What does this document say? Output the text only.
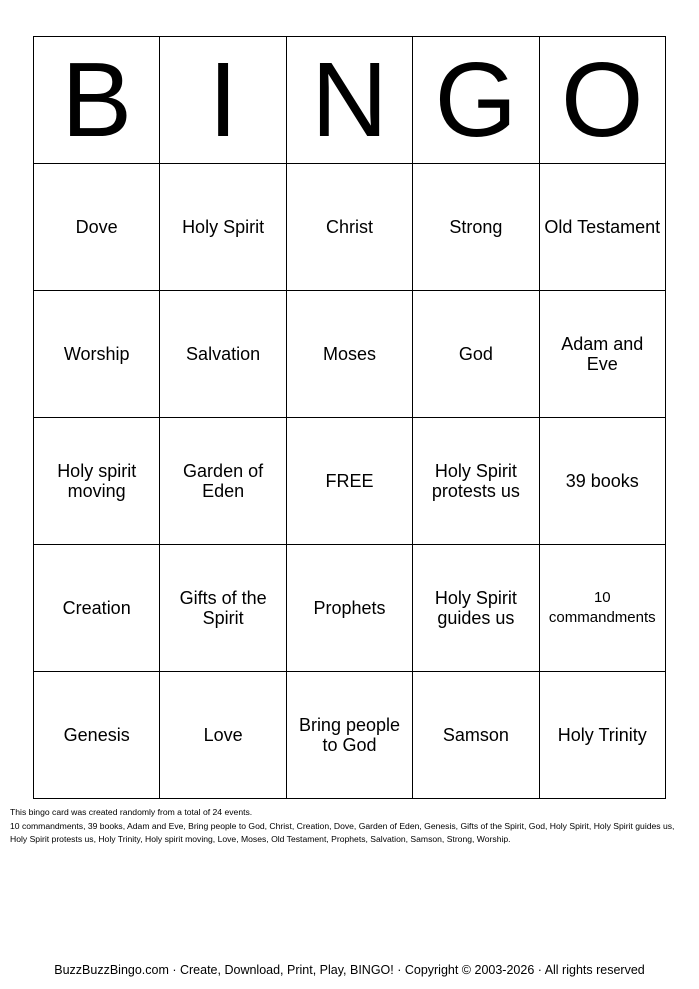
B	I	N	G	O
Dove	Holy Spirit	Christ	Strong	Old Testament
Worship	Salvation	Moses	God	Adam and Eve
Holy spirit moving	Garden of Eden	FREE	Holy Spirit protests us	39 books
Creation	Gifts of the Spirit	Prophets	Holy Spirit guides us	10 commandments
Genesis	Love	Bring people to God	Samson	Holy Trinity
This bingo card was created randomly from a total of 24 events.
10 commandments, 39 books, Adam and Eve, Bring people to God, Christ, Creation, Dove, Garden of Eden, Genesis, Gifts of the Spirit, God, Holy Spirit, Holy Spirit guides us, Holy Spirit protests us, Holy Trinity, Holy spirit moving, Love, Moses, Old Testament, Prophets, Salvation, Samson, Strong, Worship.
BuzzBuzzBingo.com · Create, Download, Print, Play, BINGO! · Copyright © 2003-2026 · All rights reserved
